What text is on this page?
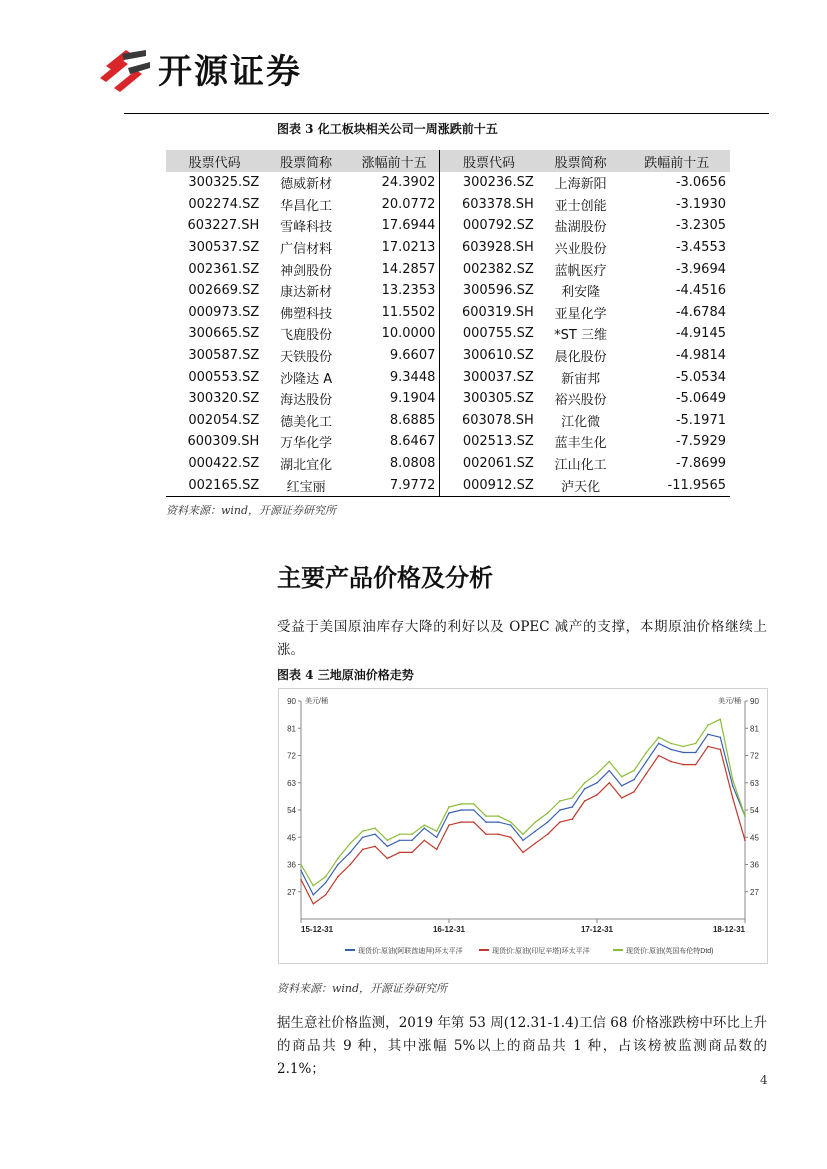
开源证券
图表 3 化工板块相关公司一周涨跌前十五
股票代码	股票简称	涨幅前十五	股票代码	股票简称	跌幅前十五
300325.SZ	德威新材	24.3902	300236.SZ	上海新阳	-3.0656
002274.SZ	华昌化工	20.0772	603378.SH	亚士创能	-3.1930
603227.SH	雪峰科技	17.6944	000792.SZ	盐湖股份	-3.2305
300537.SZ	广信材料	17.0213	603928.SH	兴业股份	-3.4553
002361.SZ	神剑股份	14.2857	002382.SZ	蓝帆医疗	-3.9694
002669.SZ	康达新材	13.2353	300596.SZ	利安隆	-4.4516
000973.SZ	佛塑科技	11.5502	600319.SH	亚星化学	-4.6784
300665.SZ	飞鹿股份	10.0000	000755.SZ	*ST 三维	-4.9145
300587.SZ	天铁股份	9.6607	300610.SZ	晨化股份	-4.9814
000553.SZ	沙隆达 A	9.3448	300037.SZ	新宙邦	-5.0534
300320.SZ	海达股份	9.1904	300305.SZ	裕兴股份	-5.0649
002054.SZ	德美化工	8.6885	603078.SH	江化微	-5.1971
600309.SH	万华化学	8.6467	002513.SZ	蓝丰生化	-7.5929
000422.SZ	湖北宜化	8.0808	002061.SZ	江山化工	-7.8699
002165.SZ	红宝丽	7.9772	000912.SZ	泸天化	-11.9565
资料来源：wind，开源证券研究所
主要产品价格及分析
受益于美国原油库存大降的利好以及 OPEC 减产的支撑，本期原油价格继续上涨。
图表 4 三地原油价格走势
27	27
36	36
45	45
54	54
63	63
72	72
81	81
90	90
美元/桶	美元/桶
15-12-31	16-12-31	17-12-31	18-12-31
现货价:原油(阿联酋迪拜)环太平洋	现货价:原油(印尼辛塔)环太平洋	现货价:原油(英国布伦特Dtd)
资料来源：wind，开源证券研究所
据生意社价格监测，2019 年第 53 周(12.31-1.4)工信 68 价格涨跌榜中环比上升的商品共 9 种，其中涨幅 5%以上的商品共 1 种，占该榜被监测商品数的 2.1%；
4
